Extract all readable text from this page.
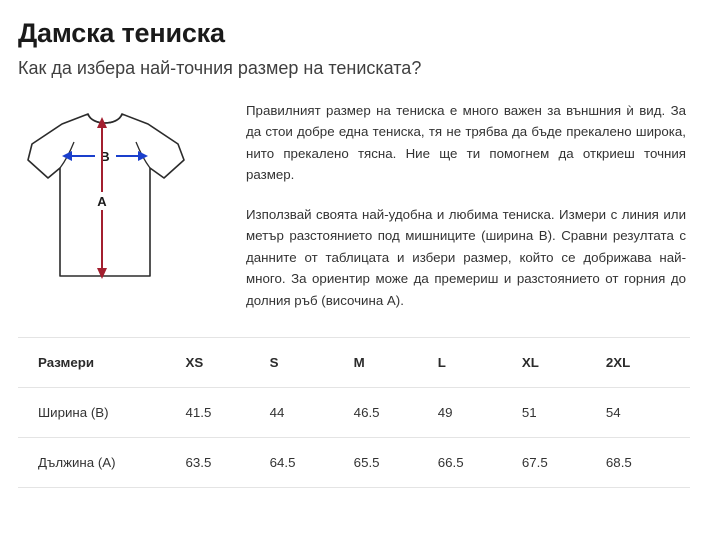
Дамска тениска
Как да избера най-точния размер на тениската?
B
A

Правилният размер на тениска е много важен за външния ѝ вид. За да стои добре една тениска, тя не трябва да бъде прекалено широка, нито прекалено тясна. Ние ще ти помогнем да откриеш точния размер.

Използвай своята най-удобна и любима тениска. Измери с линия или метър разстоянието под мишниците (ширина B). Сравни резултата с данните от таблицата и избери размер, който се добрижава най-много. За ориентир може да премериш и разстоянието от горния до долния ръб (височина A).

Размери	XS	S	M	L	XL	2XL
Ширина (B)	41.5	44	46.5	49	51	54
Дължина (A)	63.5	64.5	65.5	66.5	67.5	68.5
